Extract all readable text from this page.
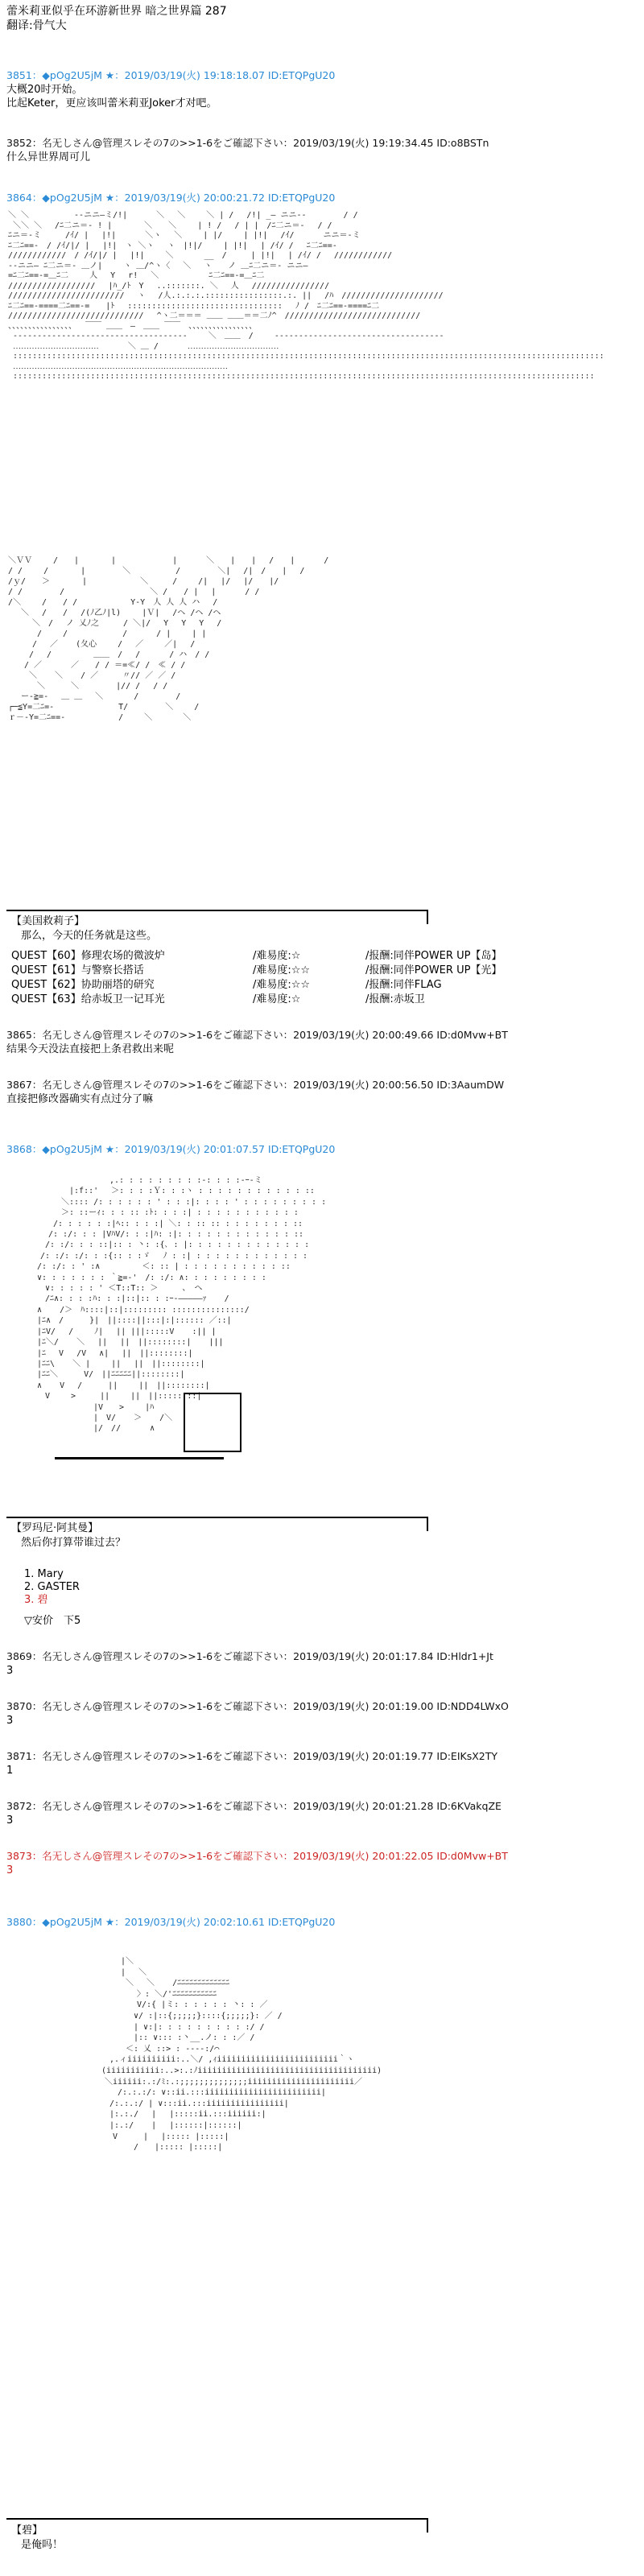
蕾米莉亚似乎在环游新世界 暗之世界篇 287
翻译:骨气大
3851：◆pOg2U5jM ★：2019/03/19(火) 19:18:18.07 ID:ETQPgU20
大概20时开始。
比起Keter，更应该叫蕾米莉亚Joker才对吧。
3852：名无しさん@管理スレその7の>>1-6をご確認下さい：2019/03/19(火) 19:19:34.45 ID:o8BSTn
什么异世界周可儿
3864：◆pOg2U5jM ★：2019/03/19(火) 20:00:21.72 ID:ETQPgU20
＼ ＼　　　　　 -‐ニニ―ミ/!|　　　 ＼　 ＼　　 ＼ | /　 /!| _― ニニ‐- 　　　　/ /
＼＼ ＼　 /ﾆ二ニ＝- ! |　　　　＼　　＼　　 | ! /　 / | |　/ﾆ二ニ＝-　 / /
ﾆニ＝-ミ　　　/ｲ/ |　 |!|　　　 ＼ヽ　 ＼　 　| |/　　 | |!|　 /ｲ/　　　 ニニ＝-ミ
ﾆ二ﾆ==-　/ /ｲ/|/ |　 |!|　ヽ ＼ヽ 　ヽ　|!|/　　 | |!|　 | /ｲ/ /　 ﾆ二ﾆ==-
////////////　/ /ｲ/|/ |　 |!|　　 ＼ 　 　 __　/　　　| |!|　 | /ｲ/ /　 ////////////
-‐ニニ― ﾆ二ニ＝- ＿ノ|　 　ヽ ＿/^ヽ〈　 ＼　 ヽ　　ノ ＿ﾆ二ニ＝- ニニ―
=ﾆ二ﾆ==-=＿ﾆ二　　 人　 Y　 r!　 ＼　 　　　　 ﾆ二ﾆ==-=＿ﾆ二
//////////////////　 |ﾊ_/ﾄ　Y　 ..:::::::. ＼　 人　 ////////////////
////////////////////////　 ヽ 　/人.:.:.:.::::::::::::::::.:. ||　 /ﾊ　/////////////////////
ﾆ二ﾆ==-====二ﾆ==-=　　|ﾄ　 ::::::::::::::::::::::::::::::::　 ﾉ /　ﾆ二ﾆ==-====ﾆ二
////////////////////////////　 ^ヽ二＝＝＝ ＿＿ ＿＿＝＝二ﾉ^　////////////////////////////
、、、、、、、、、、、、、、、、　 ￣￣ ＿＿　―　＿＿ ￣￣　、、、、、、、、、、、、、、、、
------------------------------------　　 ＼　＿＿　/　　 -----------------------------------
‥‥‥‥‥‥‥‥‥‥‥‥‥‥‥‥　　　 ＼ ＿ /　　　 ‥‥‥‥‥‥‥‥‥‥‥‥‥‥‥‥‥
::::::::::::::::::::::::::::::::::::::::::::::::::::::::::::::::::::::::::::::::::::::::::::::::::::::::::::::::::::::::::
‥‥‥‥‥‥‥‥‥‥‥‥‥‥‥‥‥‥‥‥‥‥‥‥‥‥‥‥‥‥‥‥‥‥‥‥‥‥‥‥
::::::::::::::::::::::::::::::::::::::::::::::::::::::::::::::::::::::::::::::::::::::::::::::::::::::::::::::::::::::::
＼ＶＶ　　 /　　|　　　　|　　　　　　　|　　　 ＼　　|　　|　 /　　|　　　 /
/ /　　 /　　　　|　　　　 ＼　　　　　 /　　　　 ＼|　 /|　/　　|　 /
/ｙ/　　＞　　　　|　　　　　　 ＼　　　/　　 /|　 |/　 |/　　|/
/ /　　　　 /　　　　　　　　　　 ＼ /　　/ |　 |　　　 / /
/＼　　 /　　/ /　　　　　　 Y-Y　人 人 人 ハ　 /
　 ＼　 /　　/　 /(ﾉ乙ﾉ|l)　　 |Ｖ|　 /ヘ /ヘ /ヘ
　　　＼　/　 ノ 乂ﾉ之　　　/ ＼|/　 Y　 Y 　Y　 /
　　　 /　　 /　　 　 　　 /　　　 / |　　 | |
　　　/　 ／ 　 (夂心　　 /　 ／　　 ／|　 /
　　 /　 /　　　 　 ＿＿　/　 /　　　 / ハ　/ /
　　/ ／　　　 ／　　/ / ＝=≪/ /　≪ / /
　　 ＼ 　 ＼ 　 / ／　　　〃// ／ ／ /
　 　　＼ 　　 ＼　　　　 |// /　 / /
　 ー‐≧=-　 ＿ ＿ 　＼ 　 　 /　　　　 /
┌─≦Y=二ﾆ=-　　　　　　　　T/　　　　 ＼　　 /
ｒ－-Y=二ﾆ==-　　　　　　 /　　 ＼ 　 　 ＼
【美国救莉子】
那么，今天的任务就是这些。
QUEST【60】修理农场的微波炉	/难易度:☆	/报酬:同伴POWER UP【岛】
QUEST【61】与警察长搭话	/难易度:☆☆	/报酬:同伴POWER UP【光】
QUEST【62】协助丽塔的研究	/难易度:☆☆	/报酬:同伴FLAG
QUEST【63】给赤坂卫一记耳光	/难易度:☆	/报酬:赤坂卫
3865：名无しさん@管理スレその7の>>1-6をご確認下さい：2019/03/19(火) 20:00:49.66 ID:d0Mvw+BT
结果今天没法直接把上条君救出来呢
3867：名无しさん@管理スレその7の>>1-6をご確認下さい：2019/03/19(火) 20:00:56.50 ID:3AaumDW
直接把修改器确实有点过分了嘛
3868：◆pOg2U5jM ★：2019/03/19(火) 20:01:07.57 ID:ETQPgU20
　　　　　　　　　　 ,.: : : : : : : : :‐: : : :‐ｰ-ミ
　　　　　 |:f::' 　＞: : : :Ｙ: : :ヽ : : : : : : : : : : : ::
　　　　 ＼:::: /: : : : : : ' : : :|: : : : ' : : : : : : : : :
　　　　 ＞: ::ーｨ: : : :: :ﾄ: : : :| : : : : : : : : : : :
　　　 /: : : : : :|ﾍ:: : : :| ＼: : :: :: : : : : : : : ::
　　　/: :/: : : |VﾊV/: : :|ﾊ: :|: : : : : : : : : : : : ::
　　 /: :/: : : ::|:: : 丶: :{､ : |: : : : : : : : : : : : :
　　/: :/: :/: : :{:: : :ゞ 　ﾉ : :| : : : : : : : : : : : :
　 /: :/: : ' :∧　 　 　　＜: :: | : : : : : : : : : : ::
　 ∨: : : : : : : ｀≧=-'　/: :/: ∧: : : : : : : : :
　　 ∨: : : : : ' ＜T::T:: ＞　　　、　ヘ
　　 /ﾆ∧: : : :ﾊ: : :|::|:: : :ｰ-―――――ｧ 　 /
　 ∧ 　 /＞　ﾊ::::|::|::::::::: :::::::::::::::/
　 |ﾆ∧　/ 　　 }|　||::::||:::|:|:::::: ／::|
　 |ﾆV/ 　/　 　ﾉ| 　|| |||:::::V 　 :|| |
　 |ﾆ＼/ 　 ＼ 　|| 　||　||::::::::| 　 |||
　 |ﾆ　 V 　/V　 ∧| 　||　||::::::::|
　 |ﾆﾆ\ 　 ＼ | 　　|| 　||　||::::::::|
　 |ﾆﾆ＼　 　 V/　||ﾆﾆﾆﾆﾆ||::::::::|
　 ∧ 　 V 　/ 　 　|| 　　||　||::::::::|
　　 V　　 >　　　|| 　　||　||::::::::|
　　　　　　　　 |V　　>　　 |ﾊ
　　　　　　　　 |　V/ 　 ＞ 　 /＼
　　　　　　　　 |/　//　　　 ∧
【罗玛尼·阿其曼】
然后你打算带谁过去？
1. Mary
2. GASTER
3. 碧
▽安价　下5
3869：名无しさん@管理スレその7の>>1-6をご確認下さい：2019/03/19(火) 20:01:17.84 ID:Hldr1+Jt
3
3870：名无しさん@管理スレその7の>>1-6をご確認下さい：2019/03/19(火) 20:01:19.00 ID:NDD4LWxO
3
3871：名无しさん@管理スレその7の>>1-6をご確認下さい：2019/03/19(火) 20:01:19.77 ID:EIKsX2TY
1
3872：名无しさん@管理スレその7の>>1-6をご確認下さい：2019/03/19(火) 20:01:21.28 ID:6KVakqZE
3
3873：名无しさん@管理スレその7の>>1-6をご確認下さい：2019/03/19(火) 20:01:22.05 ID:d0Mvw+BT
3
3880：◆pOg2U5jM ★：2019/03/19(火) 20:02:10.61 ID:ETQPgU20
　　　　　　　|＼
　　　　　　　| 　＼
　　　　　　　 ＼ 　＼ 　 /ﾆﾆﾆﾆﾆﾆﾆﾆﾆﾆﾆﾆﾆ
　　　　　　　　　〉: ＼/'ﾆﾆﾆﾆﾆﾆﾆﾆﾆﾆﾆ
　　　　　　　　　V/:{ |ミ: : : : : : 丶: : ／
　　　　　　　　 ∨/ :|::{;;;;;}::::{;;;;;}: ／ /
　　　　　　　　 | ∨:|: : : : : : : : : :/ /
　　　　　　　　 |:: ∨::: :丶__.ノ: : :／ /
　　　　　　　 ＜: 乂 ::> : ----:/⌒
　　　　　 ,.ィiiiiiiiiii:..＼/ ,ｨiiiiiiiiiiiiiiiiiiiiiiiii｀ヽ
　　　　 (iiiiiiiiiii:..>:.:ﾉiiiiiiiiiiiiiiiiiiiiiiiiiiiiiiiiiiiii)
　　　　　＼iiiiii:.:/ﾐ:.:;;;;;;;;;;;;;;iiiiiiiiiiiiiiiiiiiiii／
　　　　　　 /:.:.:/: ∨::ii.:::iiiiiiiiiiiiiiiiiiiiiiii|
　　　　　 /:.:.:/ | ∨:::ii.:::iiiiiiiiiiiiiiii|
　　　　　 |:.:./ 　| 　|:::::ii.:::iiiiii:|
　　　　　 |:.:/ 　 | 　|::::::|::::::|
　　　　　　V 　 　|　 |::::: |:::::|
　　　　　　　　 /　　|::::: |:::::|
【碧】
是俺吗！
